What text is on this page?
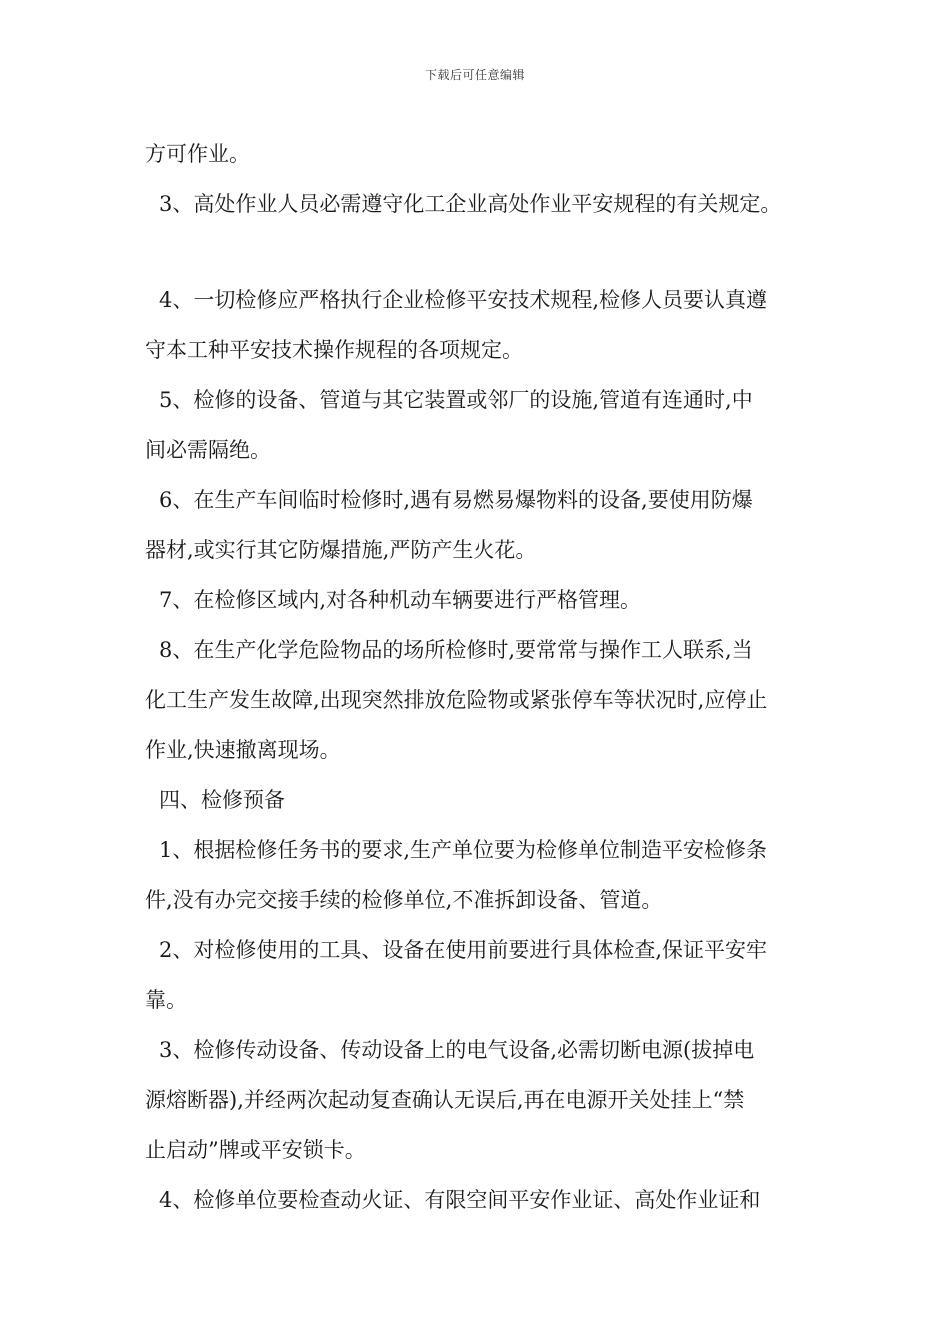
下载后可任意编辑
方可作业。
3、高处作业人员必需遵守化工企业高处作业平安规程的有关规定。
4、一切检修应严格执行企业检修平安技术规程,检修人员要认真遵
守本工种平安技术操作规程的各项规定。
5、检修的设备、管道与其它装置或邻厂的设施,管道有连通时,中
间必需隔绝。
6、在生产车间临时检修时,遇有易燃易爆物料的设备,要使用防爆
器材,或实行其它防爆措施,严防产生火花。
7、在检修区域内,对各种机动车辆要进行严格管理。
8、在生产化学危险物品的场所检修时,要常常与操作工人联系,当
化工生产发生故障,出现突然排放危险物或紧张停车等状况时,应停止
作业,快速撤离现场。
四、检修预备
1、根据检修任务书的要求,生产单位要为检修单位制造平安检修条
件,没有办完交接手续的检修单位,不准拆卸设备、管道。
2、对检修使用的工具、设备在使用前要进行具体检查,保证平安牢
靠。
3、检修传动设备、传动设备上的电气设备,必需切断电源(拔掉电
源熔断器),并经两次起动复查确认无误后,再在电源开关处挂上“禁
止启动”牌或平安锁卡。
4、检修单位要检查动火证、有限空间平安作业证、高处作业证和
